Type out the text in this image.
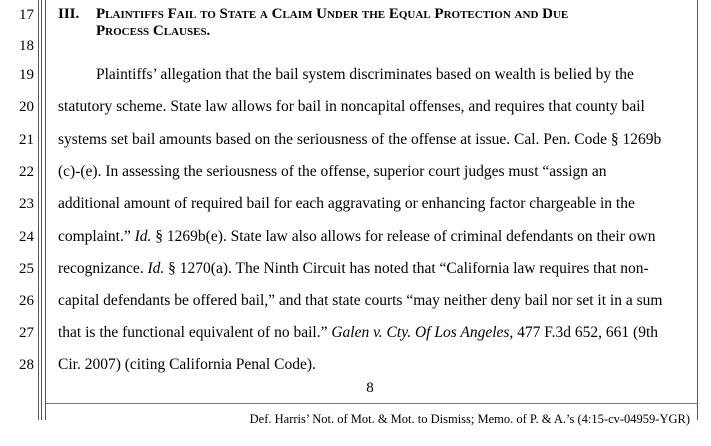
17
18
19
20
21
22
23
24
25
26
27
28
III. Plaintiffs Fail to State a Claim Under the Equal Protection and Due
Process Clauses.
Plaintiffs’ allegation that the bail system discriminates based on wealth is belied by the
statutory scheme. State law allows for bail in noncapital offenses, and requires that county bail
systems set bail amounts based on the seriousness of the offense at issue. Cal. Pen. Code § 1269b
(c)-(e). In assessing the seriousness of the offense, superior court judges must “assign an
additional amount of required bail for each aggravating or enhancing factor chargeable in the
complaint.” Id. § 1269b(e). State law also allows for release of criminal defendants on their own
recognizance. Id. § 1270(a). The Ninth Circuit has noted that “California law requires that non-
capital defendants be offered bail,” and that state courts “may neither deny bail nor set it in a sum
that is the functional equivalent of no bail.” Galen v. Cty. Of Los Angeles, 477 F.3d 652, 661 (9th
Cir. 2007) (citing California Penal Code).
8
Def. Harris’ Not. of Mot. & Mot. to Dismiss; Memo. of P. & A.’s (4:15-cv-04959-YGR)
